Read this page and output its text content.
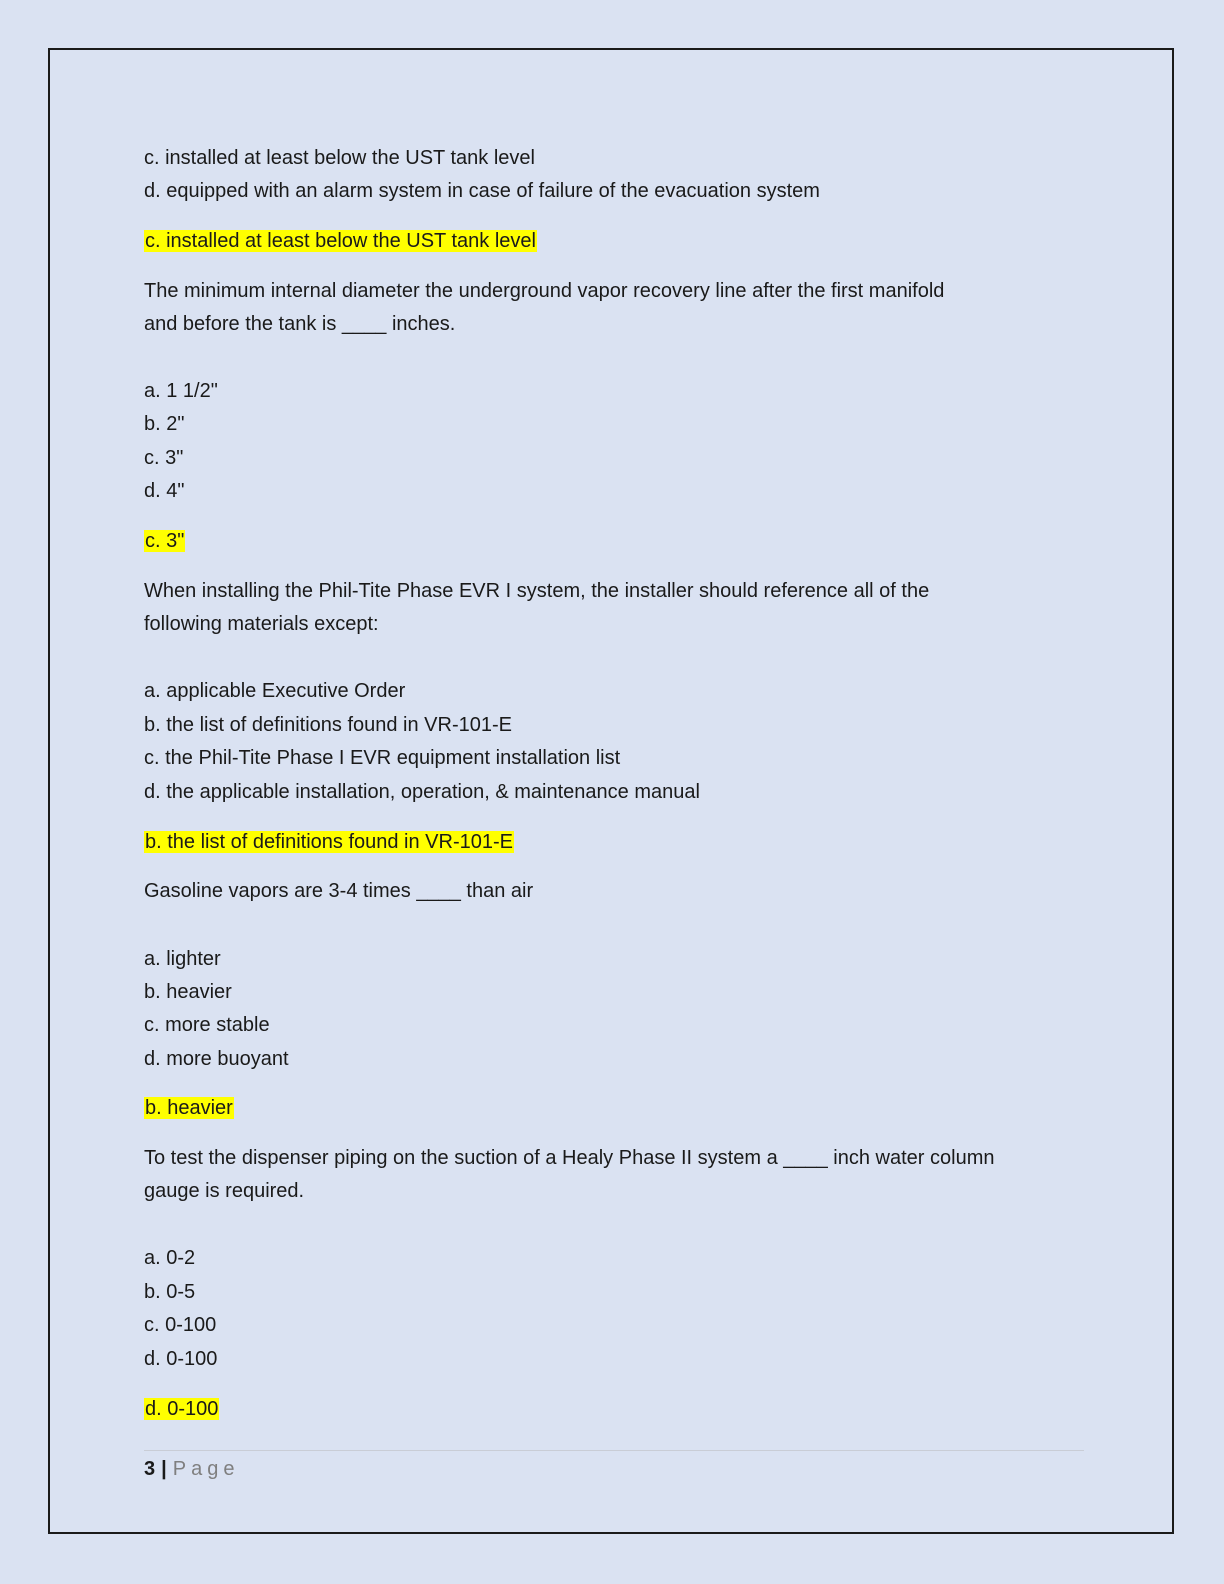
c. installed at least below the UST tank level
d. equipped with an alarm system in case of failure of the evacuation system
c. installed at least below the UST tank level
The minimum internal diameter the underground vapor recovery line after the first manifold
and before the tank is ____ inches.
a. 1 1/2"
b. 2"
c. 3"
d. 4"
c. 3"
When installing the Phil-Tite Phase EVR I system, the installer should reference all of the
following materials except:
a. applicable Executive Order
b. the list of definitions found in VR-101-E
c. the Phil-Tite Phase I EVR equipment installation list
d. the applicable installation, operation, & maintenance manual
b. the list of definitions found in VR-101-E
Gasoline vapors are 3-4 times ____ than air
a. lighter
b. heavier
c. more stable
d. more buoyant
b. heavier
To test the dispenser piping on the suction of a Healy Phase II system a ____ inch water column
gauge is required.
a. 0-2
b. 0-5
c. 0-100
d. 0-100
d. 0-100
3 | Page
